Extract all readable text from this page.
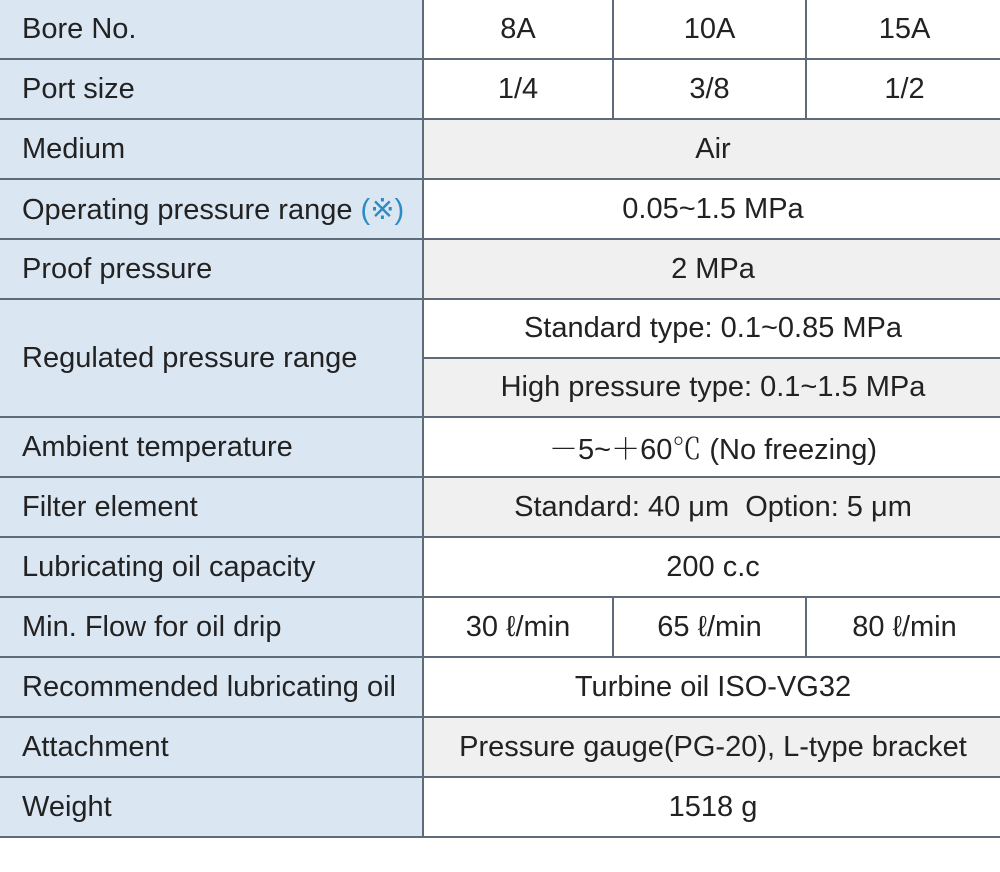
Bore No.	8A	10A	15A
Port size	1/4	3/8	1/2
Medium	Air		
Operating pressure range (※)	0.05~1.5 MPa		
Proof pressure	2 MPa		
Regulated pressure range	Standard type: 0.1~0.85 MPa		
	High pressure type: 0.1~1.5 MPa		
Ambient temperature	－5~＋60℃ (No freezing)		
Filter element	Standard: 40 μm  Option: 5 μm		
Lubricating oil capacity	200 c.c		
Min. Flow for oil drip	30 ℓ/min	65 ℓ/min	80 ℓ/min
Recommended lubricating oil	Turbine oil ISO-VG32		
Attachment	Pressure gauge(PG-20), L-type bracket		
Weight	1518 g		
